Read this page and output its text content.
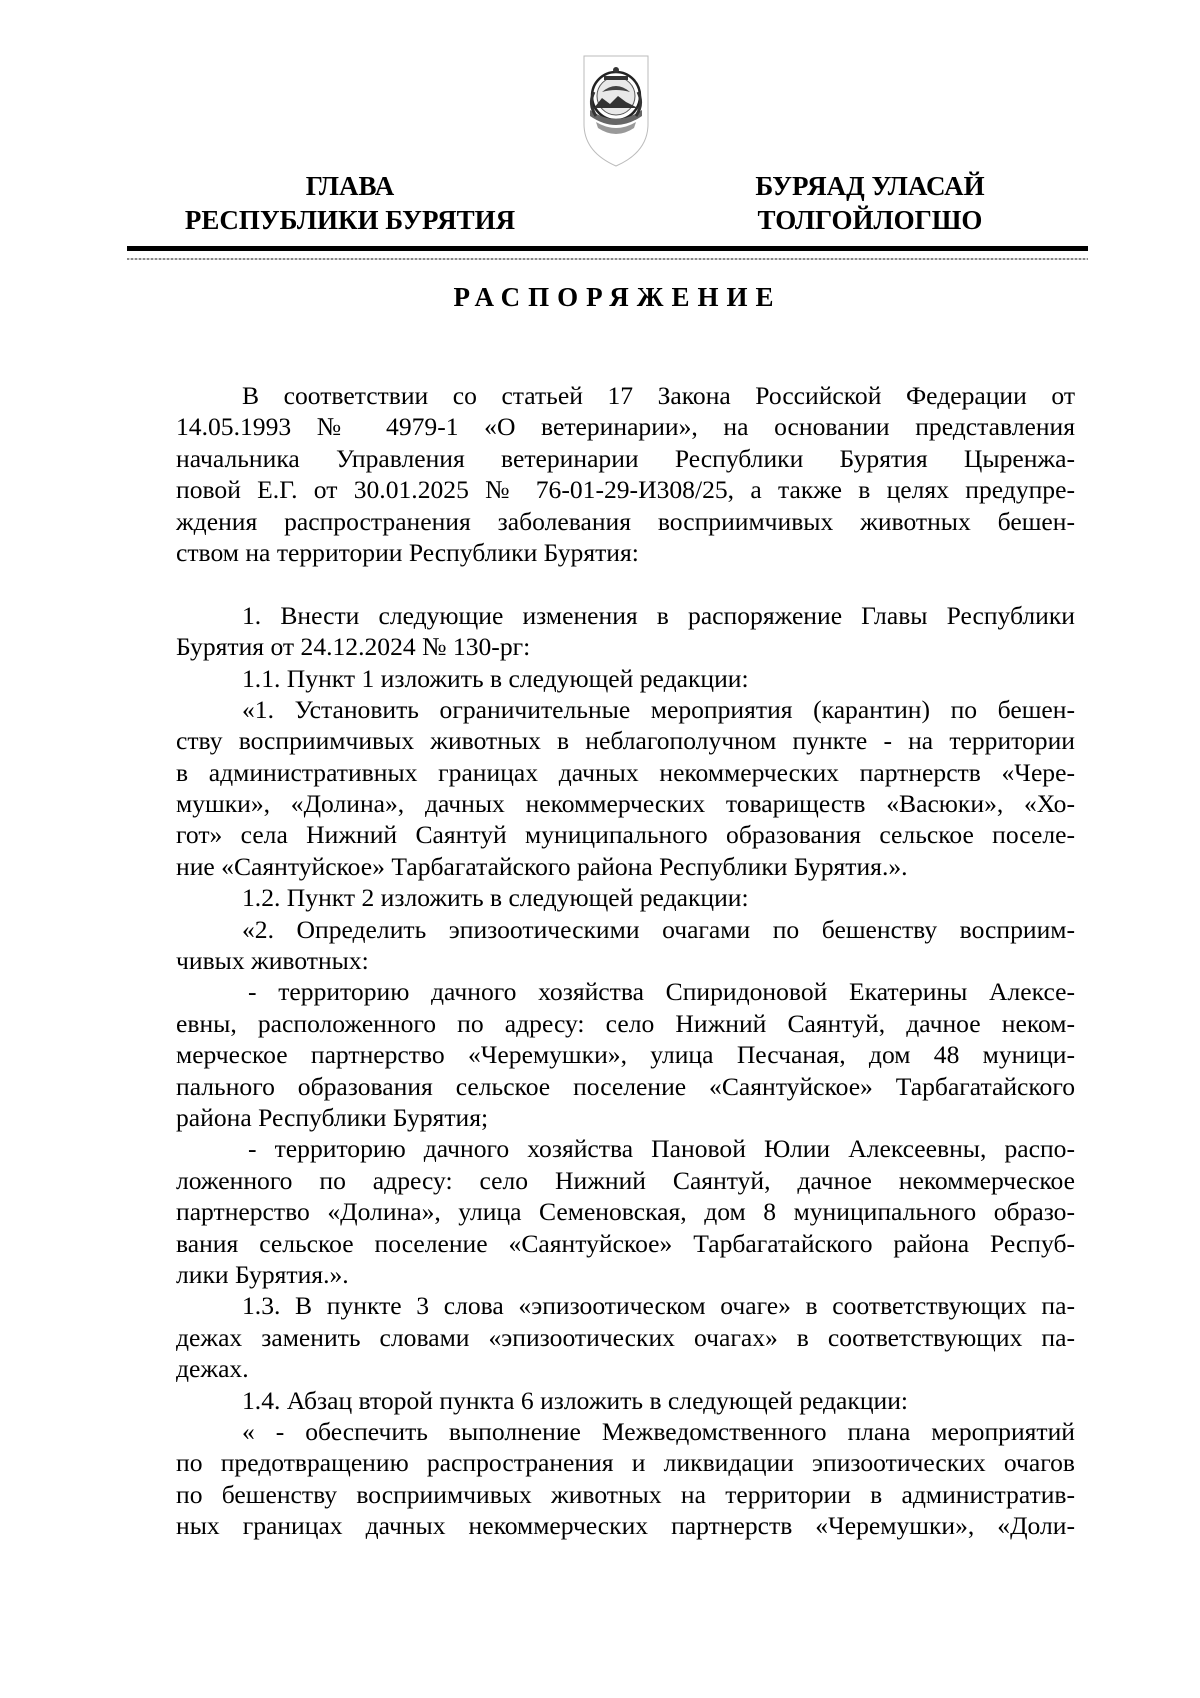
ГЛАВА
РЕСПУБЛИКИ БУРЯТИЯ
БУРЯАД УЛАСАЙ
ТОЛГОЙЛОГШО
РАСПОРЯЖЕНИЕ
В соответствии со статьей 17 Закона Российской Федерации от
14.05.1993 № 4979-1 «О ветеринарии», на основании представления
начальника Управления ветеринарии Республики Бурятия Цыренжа-
повой Е.Г. от 30.01.2025 № 76-01-29-И308/25, а также в целях предупре-
ждения распространения заболевания восприимчивых животных бешен-
ством на территории Республики Бурятия:
1. Внести следующие изменения в распоряжение Главы Республики
Бурятия от 24.12.2024 № 130-рг:
1.1. Пункт 1 изложить в следующей редакции:
«1. Установить ограничительные мероприятия (карантин) по бешен-
ству восприимчивых животных в неблагополучном пункте - на территории
в административных границах дачных некоммерческих партнерств «Чере-
мушки», «Долина», дачных некоммерческих товариществ «Васюки», «Хо-
гот» села Нижний Саянтуй муниципального образования сельское поселе-
ние «Саянтуйское» Тарбагатайского района Республики Бурятия.».
1.2. Пункт 2 изложить в следующей редакции:
«2. Определить эпизоотическими очагами по бешенству восприим-
чивых животных:
- территорию дачного хозяйства Спиридоновой Екатерины Алексе-
евны, расположенного по адресу: село Нижний Саянтуй, дачное неком-
мерческое партнерство «Черемушки», улица Песчаная, дом 48 муници-
пального образования сельское поселение «Саянтуйское» Тарбагатайского
района Республики Бурятия;
- территорию дачного хозяйства Пановой Юлии Алексеевны, распо-
ложенного по адресу: село Нижний Саянтуй, дачное некоммерческое
партнерство «Долина», улица Семеновская, дом 8 муниципального образо-
вания сельское поселение «Саянтуйское» Тарбагатайского района Респуб-
лики Бурятия.».
1.3. В пункте 3 слова «эпизоотическом очаге» в соответствующих па-
дежах заменить словами «эпизоотических очагах» в соответствующих па-
дежах.
1.4. Абзац второй пункта 6 изложить в следующей редакции:
« - обеспечить выполнение Межведомственного плана мероприятий
по предотвращению распространения и ликвидации эпизоотических очагов
по бешенству восприимчивых животных на территории в административ-
ных границах дачных некоммерческих партнерств «Черемушки», «Доли-
